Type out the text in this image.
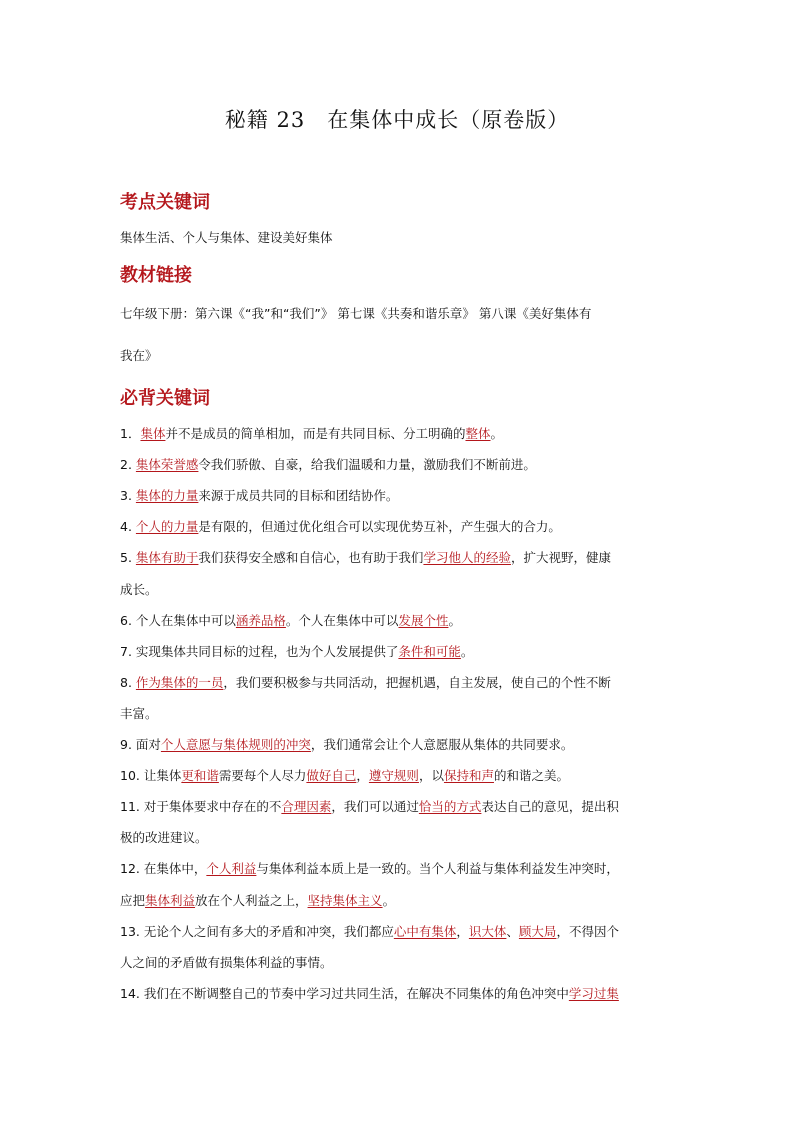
秘籍 23　在集体中成长（原卷版）
考点关键词
集体生活、个人与集体、建设美好集体
教材链接
七年级下册：第六课《“我”和“我们”》 第七课《共奏和谐乐章》 第八课《美好集体有
我在》
必背关键词
1．集体并不是成员的简单相加，而是有共同目标、分工明确的整体。
2. 集体荣誉感令我们骄傲、自豪，给我们温暖和力量，激励我们不断前进。
3. 集体的力量来源于成员共同的目标和团结协作。
4. 个人的力量是有限的，但通过优化组合可以实现优势互补，产生强大的合力。
5. 集体有助于我们获得安全感和自信心，也有助于我们学习他人的经验，扩大视野，健康
成长。
6. 个人在集体中可以涵养品格。个人在集体中可以发展个性。
7. 实现集体共同目标的过程，也为个人发展提供了条件和可能。
8. 作为集体的一员，我们要积极参与共同活动，把握机遇，自主发展，使自己的个性不断
丰富。
9. 面对个人意愿与集体规则的冲突，我们通常会让个人意愿服从集体的共同要求。
10. 让集体更和谐需要每个人尽力做好自己，遵守规则，以保持和声的和谐之美。
11. 对于集体要求中存在的不合理因素，我们可以通过恰当的方式表达自己的意见，提出积
极的改进建议。
12. 在集体中，个人利益与集体利益本质上是一致的。当个人利益与集体利益发生冲突时，
应把集体利益放在个人利益之上，坚持集体主义。
13. 无论个人之间有多大的矛盾和冲突，我们都应心中有集体，识大体、顾大局，不得因个
人之间的矛盾做有损集体利益的事情。
14. 我们在不断调整自己的节奏中学习过共同生活，在解决不同集体的角色冲突中学习过集
